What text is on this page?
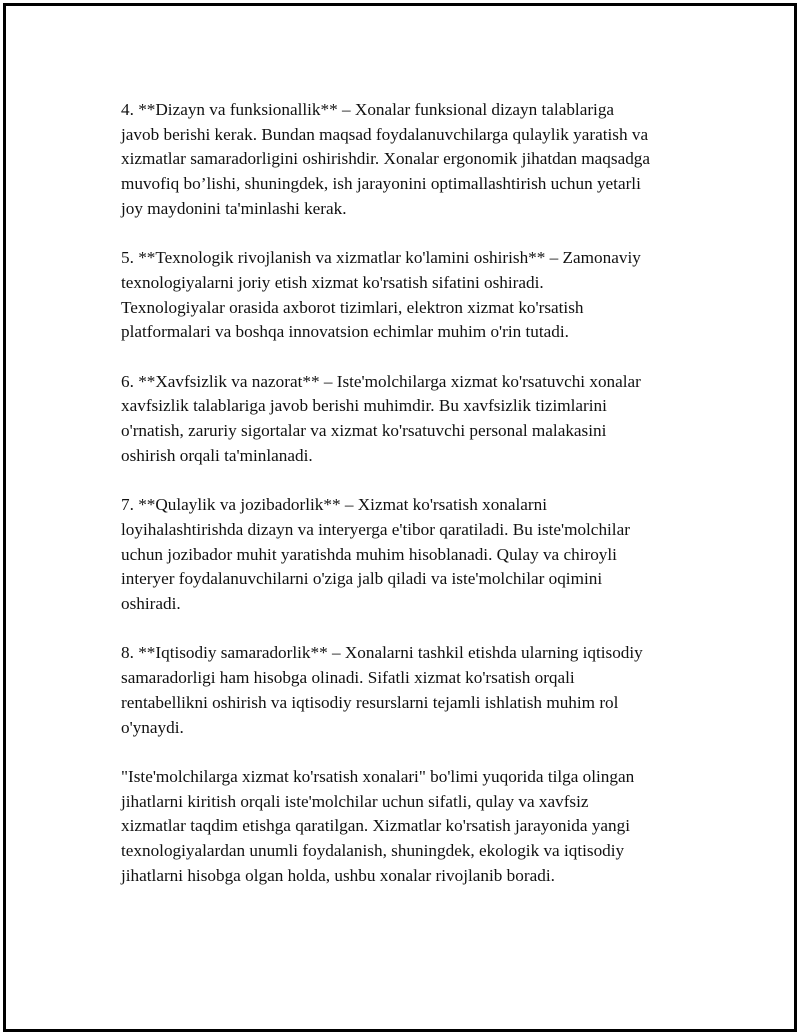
4. **Dizayn va funksionallik** – Xonalar funksional dizayn talablariga
javob berishi kerak. Bundan maqsad foydalanuvchilarga qulaylik yaratish va
xizmatlar samaradorligini oshirishdir. Xonalar ergonomik jihatdan maqsadga
muvofiq bo’lishi, shuningdek, ish jarayonini optimallashtirish uchun yetarli
joy maydonini ta'minlashi kerak.

5. **Texnologik rivojlanish va xizmatlar ko'lamini oshirish** – Zamonaviy
texnologiyalarni joriy etish xizmat ko'rsatish sifatini oshiradi.
Texnologiyalar orasida axborot tizimlari, elektron xizmat ko'rsatish
platformalari va boshqa innovatsion echimlar muhim o'rin tutadi.

6. **Xavfsizlik va nazorat** – Iste'molchilarga xizmat ko'rsatuvchi xonalar
xavfsizlik talablariga javob berishi muhimdir. Bu xavfsizlik tizimlarini
o'rnatish, zaruriy sigortalar va xizmat ko'rsatuvchi personal malakasini
oshirish orqali ta'minlanadi.

7. **Qulaylik va jozibadorlik** – Xizmat ko'rsatish xonalarni
loyihalashtirishda dizayn va interyerga e'tibor qaratiladi. Bu iste'molchilar
uchun jozibador muhit yaratishda muhim hisoblanadi. Qulay va chiroyli
interyer foydalanuvchilarni o'ziga jalb qiladi va iste'molchilar oqimini
oshiradi.

8. **Iqtisodiy samaradorlik** – Xonalarni tashkil etishda ularning iqtisodiy
samaradorligi ham hisobga olinadi. Sifatli xizmat ko'rsatish orqali
rentabellikni oshirish va iqtisodiy resurslarni tejamli ishlatish muhim rol
o'ynaydi.

"Iste'molchilarga xizmat ko'rsatish xonalari" bo'limi yuqorida tilga olingan
jihatlarni kiritish orqali iste'molchilar uchun sifatli, qulay va xavfsiz
xizmatlar taqdim etishga qaratilgan. Xizmatlar ko'rsatish jarayonida yangi
texnologiyalardan unumli foydalanish, shuningdek, ekologik va iqtisodiy
jihatlarni hisobga olgan holda, ushbu xonalar rivojlanib boradi.
